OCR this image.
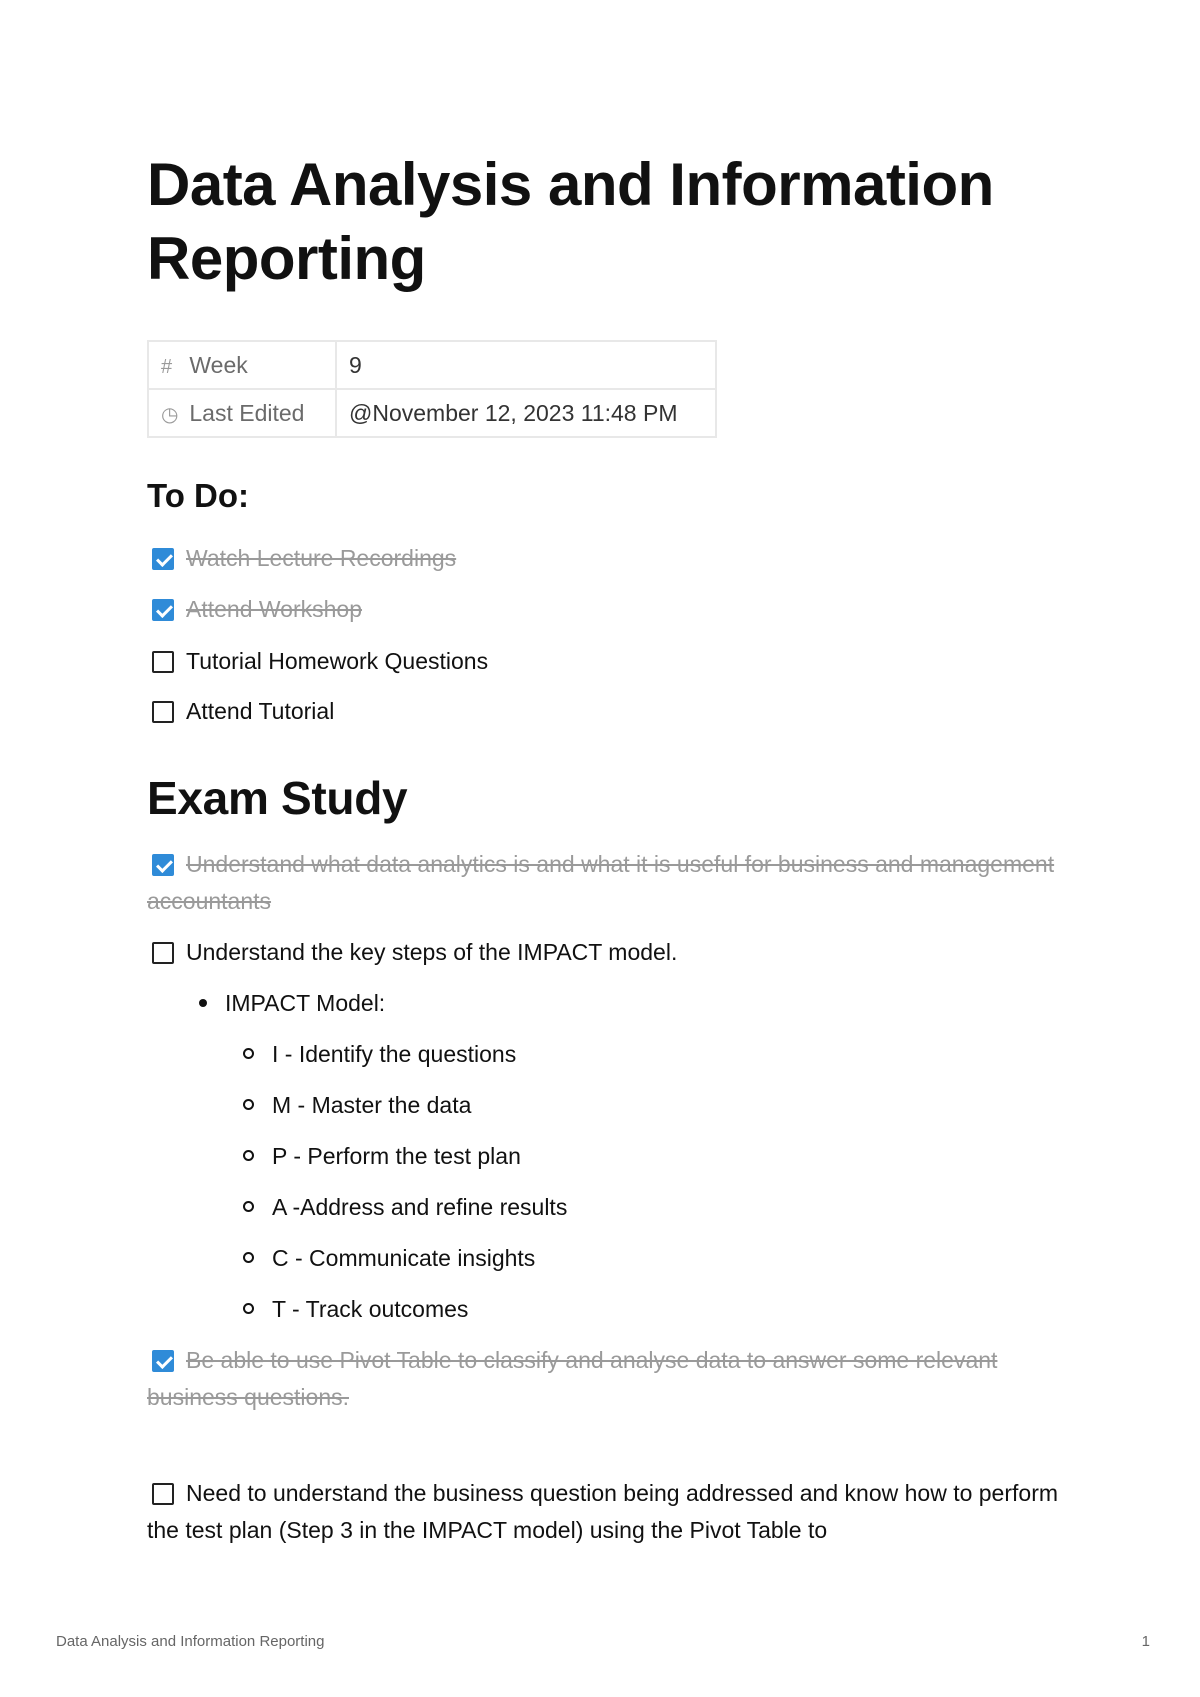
Data Analysis and Information Reporting
# Week	9
◷ Last Edited	@November 12, 2023 11:48 PM
To Do:
Watch Lecture Recordings
Attend Workshop
Tutorial Homework Questions
Attend Tutorial
Exam Study
Understand what data analytics is and what it is useful for business and management accountants
Understand the key steps of the IMPACT model.
IMPACT Model:
I - Identify the questions
M - Master the data
P - Perform the test plan
A -Address and refine results
C - Communicate insights
T - Track outcomes
Be able to use Pivot Table to classify and analyse data to answer some relevant business questions.
Need to understand the business question being addressed and know how to perform the test plan (Step 3 in the IMPACT model) using the Pivot Table to
Data Analysis and Information Reporting	1
